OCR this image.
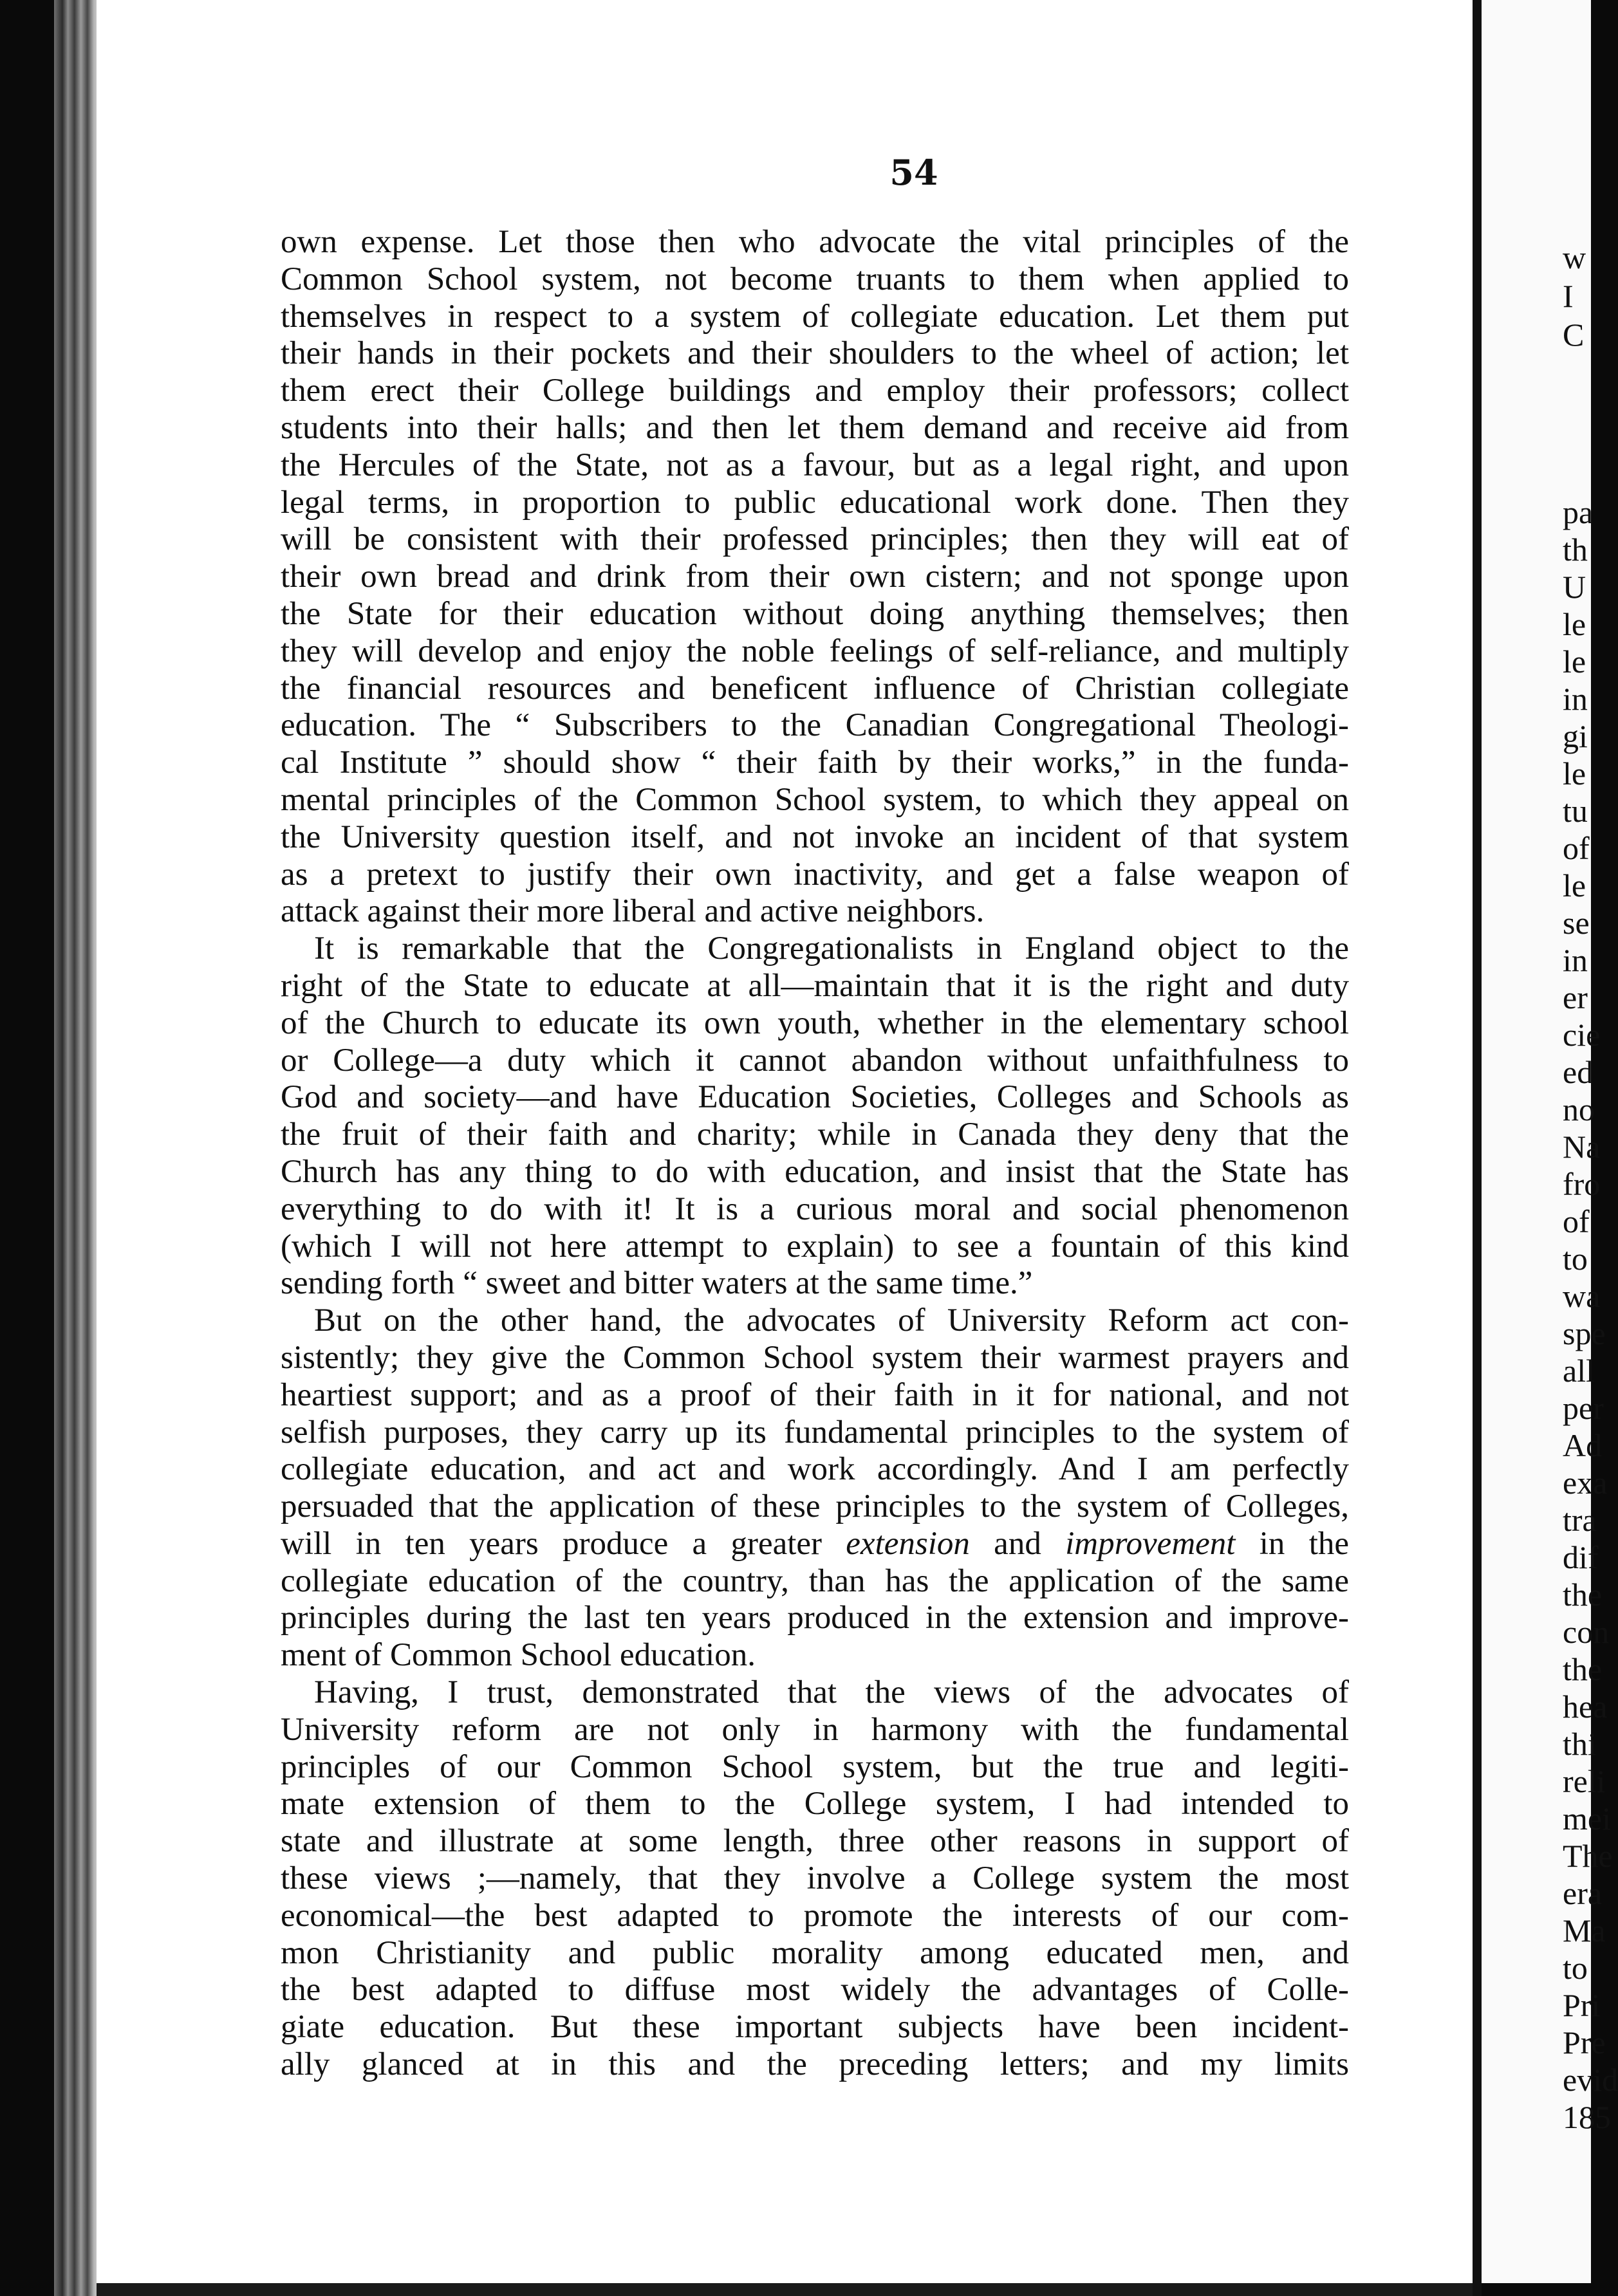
54
own expense. Let those then who advocate the vital principles of the
Common School system, not become truants to them when applied to
themselves in respect to a system of collegiate education. Let them put
their hands in their pockets and their shoulders to the wheel of action; let
them erect their College buildings and employ their professors; collect
students into their halls; and then let them demand and receive aid from
the Hercules of the State, not as a favour, but as a legal right, and upon
legal terms, in proportion to public educational work done. Then they
will be consistent with their professed principles; then they will eat of
their own bread and drink from their own cistern; and not sponge upon
the State for their education without doing anything themselves; then
they will develop and enjoy the noble feelings of self-reliance, and multiply
the financial resources and beneficent influence of Christian collegiate
education. The “ Subscribers to the Canadian Congregational Theologi-
cal Institute ” should show “ their faith by their works,” in the funda-
mental principles of the Common School system, to which they appeal on
the University question itself, and not invoke an incident of that system
as a pretext to justify their own inactivity, and get a false weapon of
attack against their more liberal and active neighbors.
It is remarkable that the Congregationalists in England object to the
right of the State to educate at all—maintain that it is the right and duty
of the Church to educate its own youth, whether in the elementary school
or College—a duty which it cannot abandon without unfaithfulness to
God and society—and have Education Societies, Colleges and Schools as
the fruit of their faith and charity; while in Canada they deny that the
Church has any thing to do with education, and insist that the State has
everything to do with it! It is a curious moral and social phenomenon
(which I will not here attempt to explain) to see a fountain of this kind
sending forth “ sweet and bitter waters at the same time.”
But on the other hand, the advocates of University Reform act con-
sistently; they give the Common School system their warmest prayers and
heartiest support; and as a proof of their faith in it for national, and not
selfish purposes, they carry up its fundamental principles to the system of
collegiate education, and act and work accordingly. And I am perfectly
persuaded that the application of these principles to the system of Colleges,
will in ten years produce a greater extension and improvement in the
collegiate education of the country, than has the application of the same
principles during the last ten years produced in the extension and improve-
ment of Common School education.
Having, I trust, demonstrated that the views of the advocates of
University reform are not only in harmony with the fundamental
principles of our Common School system, but the true and legiti-
mate extension of them to the College system, I had intended to
state and illustrate at some length, three other reasons in support of
these views ;—namely, that they involve a College system the most
economical—the best adapted to promote the interests of our com-
mon Christianity and public morality among educated men, and
the best adapted to diffuse most widely the advantages of Colle-
giate education. But these important subjects have been incident-
ally glanced at in this and the preceding letters; and my limits
w
I
C
pa
th
U
le
le
in
gi
le
tu
of
le
se
in
er
cie
ed
no
Na
fro
of
to
wa
spe
all
per
Ad
exa
tra
dif
the
con
the
hea
thi
reli
mei
The
era
Ma
to
Pri
Pre
evid
185
